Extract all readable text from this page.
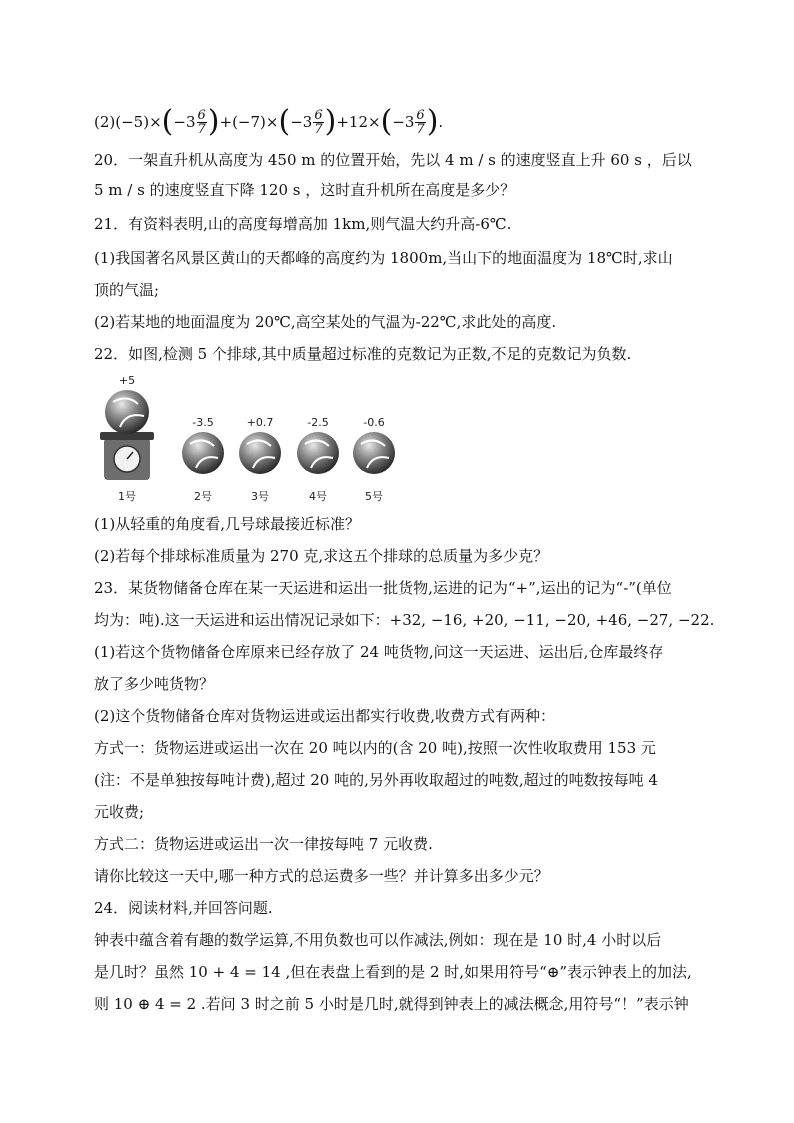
(2) (−5) × ( $-3 \frac{6}{7}$ ) + (−7) × ( $-3 \frac{6}{7}$ ) + 12 × ( $-3 \frac{6}{7}$ ) .
20．一架直升机从高度为 450 m 的位置开始，先以 4 m / s 的速度竖直上升 60 s ，后以
5 m / s 的速度竖直下降 120 s ，这时直升机所在高度是多少？
21．有资料表明,山的高度每增高加 1km,则气温大约升高-6℃.
(1)我国著名风景区黄山的天都峰的高度约为 1800m,当山下的地面温度为 18℃时,求山
顶的气温;
(2)若某地的地面温度为 20℃,高空某处的气温为-22℃,求此处的高度.
22．如图,检测 5 个排球,其中质量超过标准的克数记为正数,不足的克数记为负数.
+5
-3.5	+0.7	-2.5	-0.6
1号	2号	3号	4号	5号
(1)从轻重的角度看,几号球最接近标准？
(2)若每个排球标准质量为 270 克,求这五个排球的总质量为多少克？
23．某货物储备仓库在某一天运进和运出一批货物,运进的记为“+”,运出的记为“-”(单位
均为：吨).这一天运进和运出情况记录如下：+32, −16, +20, −11, −20, +46, −27, −22.
(1)若这个货物储备仓库原来已经存放了 24 吨货物,问这一天运进、运出后,仓库最终存
放了多少吨货物？
(2)这个货物储备仓库对货物运进或运出都实行收费,收费方式有两种：
方式一：货物运进或运出一次在 20 吨以内的(含 20 吨),按照一次性收取费用 153 元
(注：不是单独按每吨计费),超过 20 吨的,另外再收取超过的吨数,超过的吨数按每吨 4
元收费;
方式二：货物运进或运出一次一律按每吨 7 元收费.
请你比较这一天中,哪一种方式的总运费多一些？并计算多出多少元？
24．阅读材料,并回答问题.
钟表中蕴含着有趣的数学运算,不用负数也可以作减法,例如：现在是 10 时,4 小时以后
是几时？虽然 10 + 4 = 14 ,但在表盘上看到的是 2 时,如果用符号“⊕”表示钟表上的加法,
则 10 ⊕ 4 = 2 .若问 3 时之前 5 小时是几时,就得到钟表上的减法概念,用符号“！”表示钟
